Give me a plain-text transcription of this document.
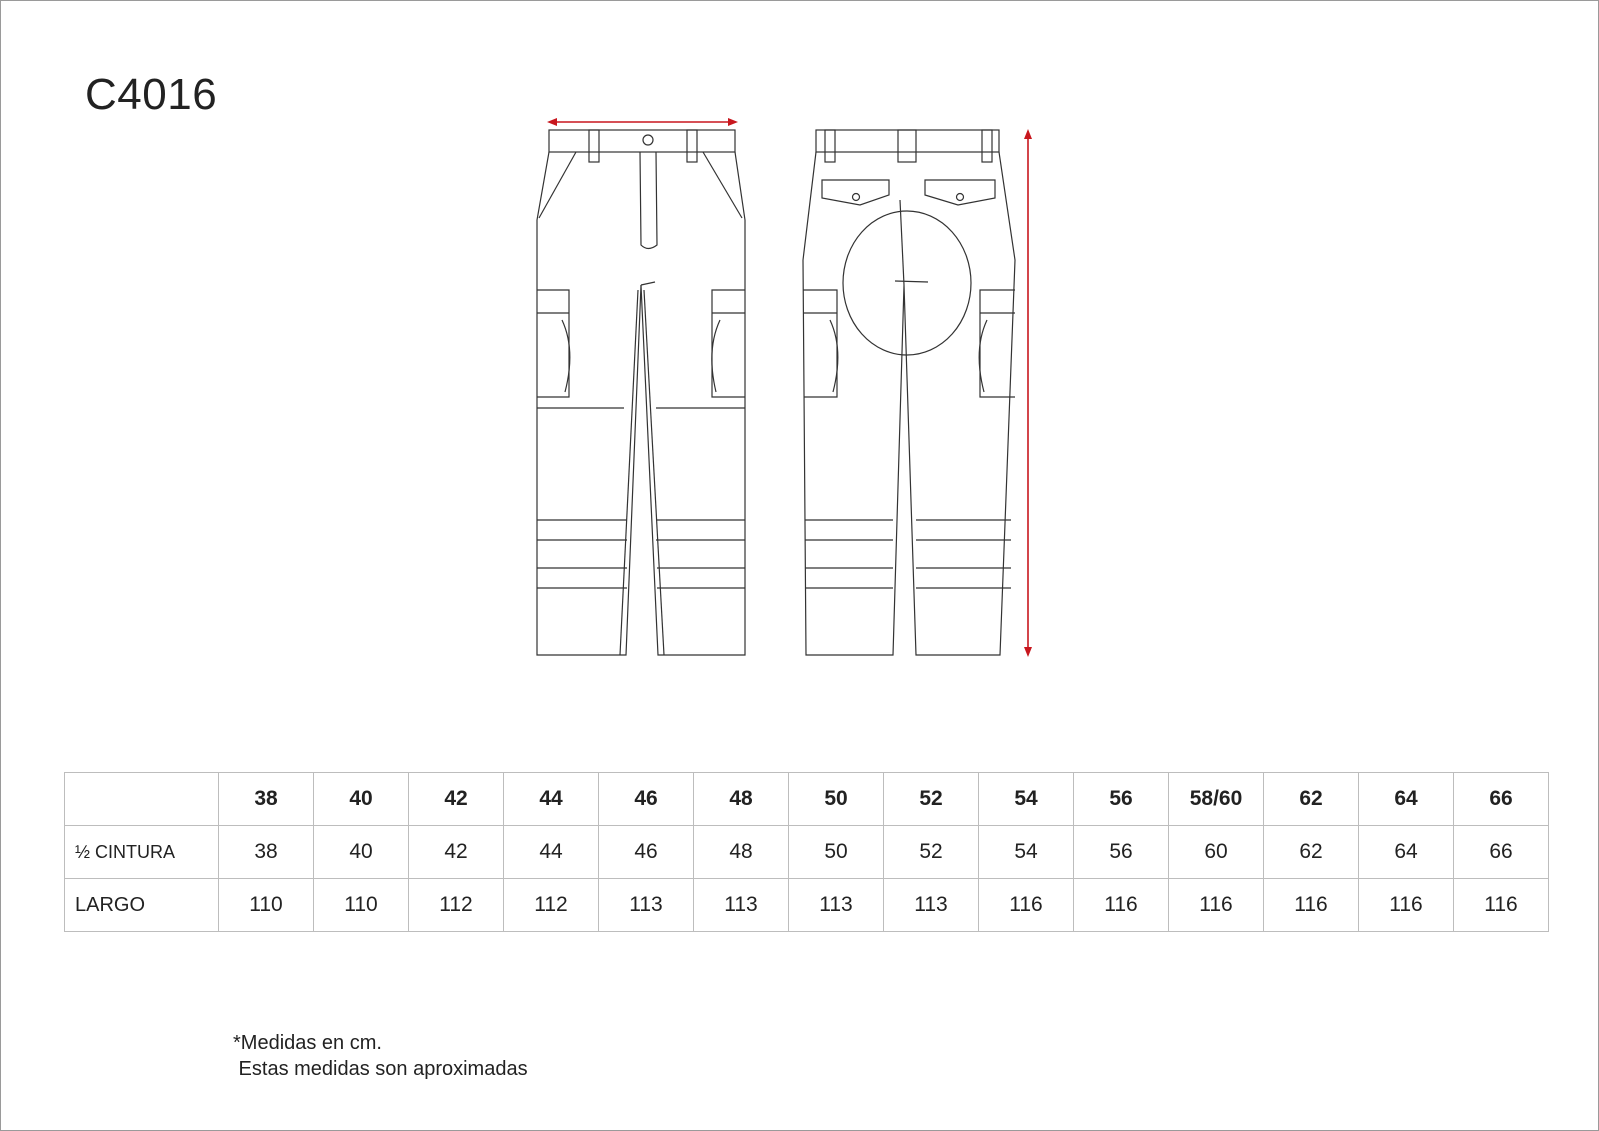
C4016
	38	40	42	44	46	48	50	52	54	56	58/60	62	64	66
½ CINTURA	38	40	42	44	46	48	50	52	54	56	60	62	64	66
LARGO	110	110	112	112	113	113	113	113	116	116	116	116	116	116
*Medidas en cm.
Estas medidas son aproximadas
